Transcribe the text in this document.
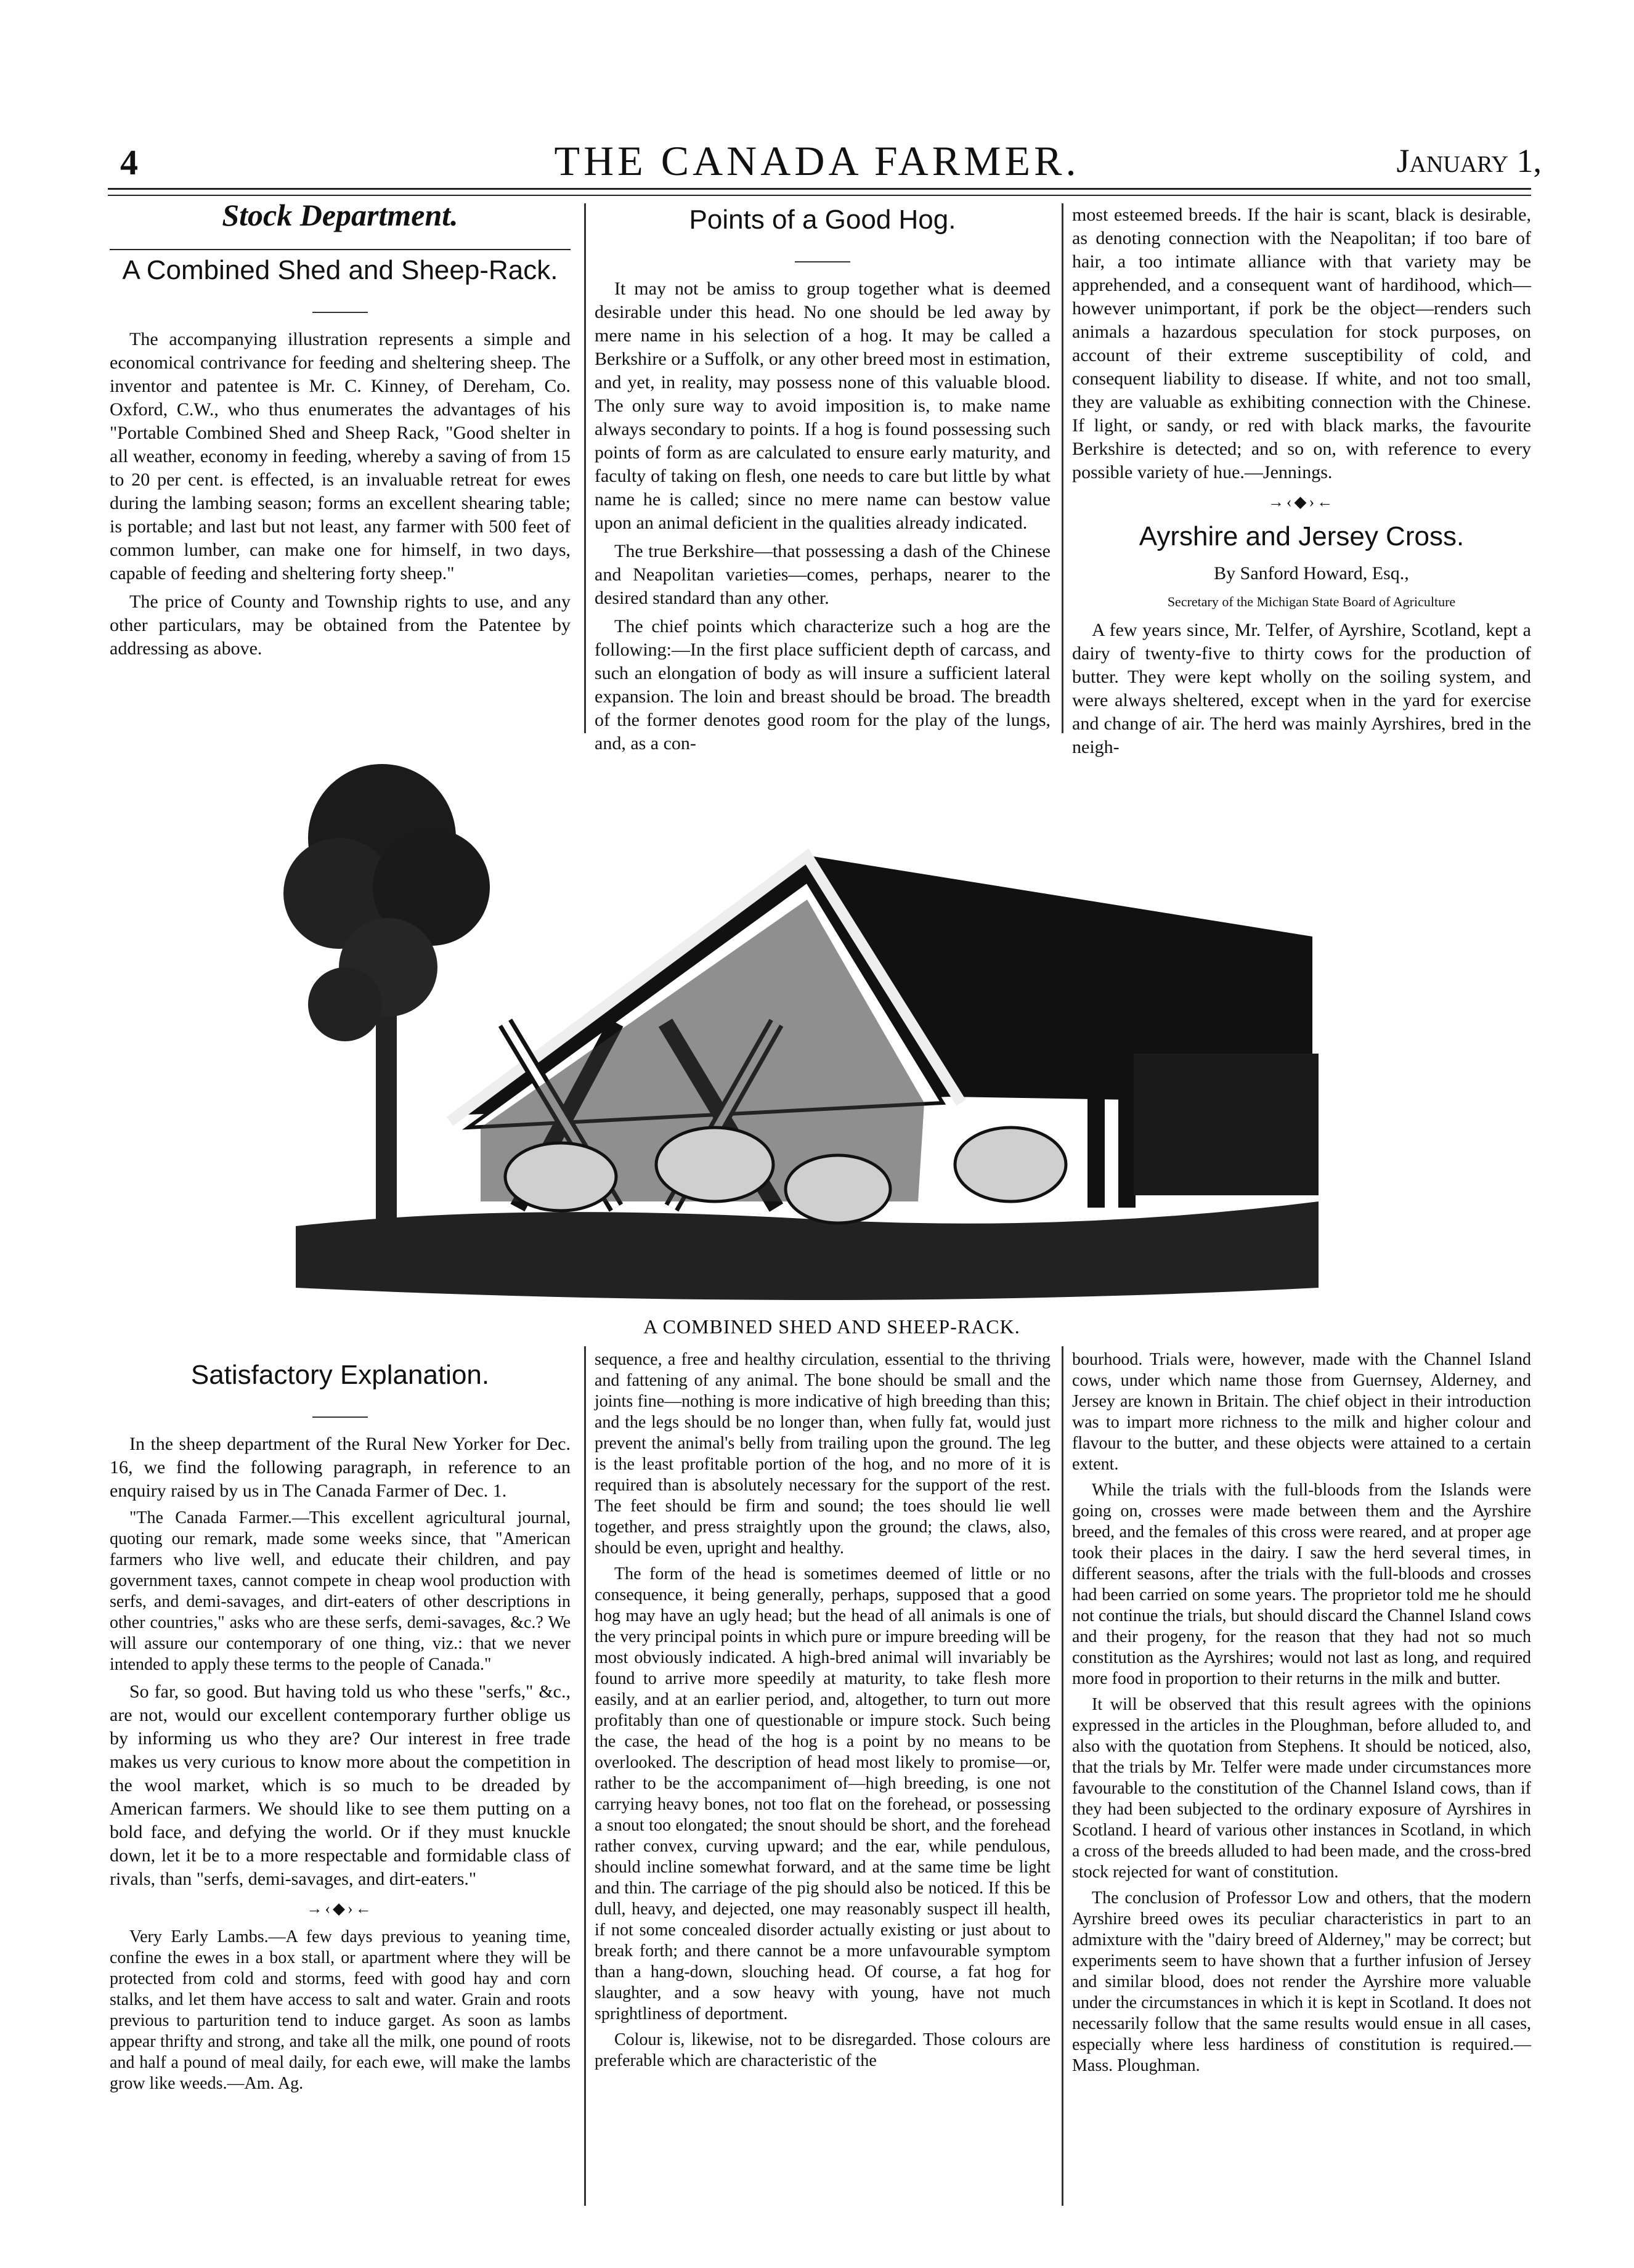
4	THE CANADA FARMER.	January 1,
Stock Department.
A Combined Shed and Sheep-Rack.

The accompanying illustration represents a simple and economical contrivance for feeding and sheltering sheep. The inventor and patentee is Mr. C. Kinney, of Dereham, Co. Oxford, C.W., who thus enumerates the advantages of his "Portable Combined Shed and Sheep Rack, "Good shelter in all weather, economy in feeding, whereby a saving of from 15 to 20 per cent. is effected, is an invaluable retreat for ewes during the lambing season; forms an excellent shearing table; is portable; and last but not least, any farmer with 500 feet of common lumber, can make one for himself, in two days, capable of feeding and sheltering forty sheep."

The price of County and Township rights to use, and any other particulars, may be obtained from the Patentee by addressing as above.

Points of a Good Hog.

It may not be amiss to group together what is deemed desirable under this head. No one should be led away by mere name in his selection of a hog. It may be called a Berkshire or a Suffolk, or any other breed most in estimation, and yet, in reality, may possess none of this valuable blood. The only sure way to avoid imposition is, to make name always secondary to points. If a hog is found possessing such points of form as are calculated to ensure early maturity, and faculty of taking on flesh, one needs to care but little by what name he is called; since no mere name can bestow value upon an animal deficient in the qualities already indicated.

The true Berkshire—that possessing a dash of the Chinese and Neapolitan varieties—comes, perhaps, nearer to the desired standard than any other.

The chief points which characterize such a hog are the following:—In the first place sufficient depth of carcass, and such an elongation of body as will insure a sufficient lateral expansion. The loin and breast should be broad. The breadth of the former denotes good room for the play of the lungs, and, as a con-

most esteemed breeds. If the hair is scant, black is desirable, as denoting connection with the Neapolitan; if too bare of hair, a too intimate alliance with that variety may be apprehended, and a consequent want of hardihood, which—however unimportant, if pork be the object—renders such animals a hazardous speculation for stock purposes, on account of their extreme susceptibility of cold, and consequent liability to disease. If white, and not too small, they are valuable as exhibiting connection with the Chinese. If light, or sandy, or red with black marks, the favourite Berkshire is detected; and so on, with reference to every possible variety of hue.—Jennings.

→‹◆›←
Ayrshire and Jersey Cross.

By Sanford Howard, Esq.,

Secretary of the Michigan State Board of Agriculture

A few years since, Mr. Telfer, of Ayrshire, Scotland, kept a dairy of twenty-five to thirty cows for the production of butter. They were kept wholly on the soiling system, and were always sheltered, except when in the yard for exercise and change of air. The herd was mainly Ayrshires, bred in the neigh-

A COMBINED SHED AND SHEEP-RACK.
Satisfactory Explanation.

In the sheep department of the Rural New Yorker for Dec. 16, we find the following paragraph, in reference to an enquiry raised by us in The Canada Farmer of Dec. 1.

"The Canada Farmer.—This excellent agricultural journal, quoting our remark, made some weeks since, that "American farmers who live well, and educate their children, and pay government taxes, cannot compete in cheap wool production with serfs, and demi-savages, and dirt-eaters of other descriptions in other countries," asks who are these serfs, demi-savages, &c.? We will assure our contemporary of one thing, viz.: that we never intended to apply these terms to the people of Canada."

So far, so good. But having told us who these "serfs," &c., are not, would our excellent contemporary further oblige us by informing us who they are? Our interest in free trade makes us very curious to know more about the competition in the wool market, which is so much to be dreaded by American farmers. We should like to see them putting on a bold face, and defying the world. Or if they must knuckle down, let it be to a more respectable and formidable class of rivals, than "serfs, demi-savages, and dirt-eaters."

→‹◆›←

Very Early Lambs.—A few days previous to yeaning time, confine the ewes in a box stall, or apartment where they will be protected from cold and storms, feed with good hay and corn stalks, and let them have access to salt and water. Grain and roots previous to parturition tend to induce garget. As soon as lambs appear thrifty and strong, and take all the milk, one pound of roots and half a pound of meal daily, for each ewe, will make the lambs grow like weeds.—Am. Ag.

sequence, a free and healthy circulation, essential to the thriving and fattening of any animal. The bone should be small and the joints fine—nothing is more indicative of high breeding than this; and the legs should be no longer than, when fully fat, would just prevent the animal's belly from trailing upon the ground. The leg is the least profitable portion of the hog, and no more of it is required than is absolutely necessary for the support of the rest. The feet should be firm and sound; the toes should lie well together, and press straightly upon the ground; the claws, also, should be even, upright and healthy.

The form of the head is sometimes deemed of little or no consequence, it being generally, perhaps, supposed that a good hog may have an ugly head; but the head of all animals is one of the very principal points in which pure or impure breeding will be most obviously indicated. A high-bred animal will invariably be found to arrive more speedily at maturity, to take flesh more easily, and at an earlier period, and, altogether, to turn out more profitably than one of questionable or impure stock. Such being the case, the head of the hog is a point by no means to be overlooked. The description of head most likely to promise—or, rather to be the accompaniment of—high breeding, is one not carrying heavy bones, not too flat on the forehead, or possessing a snout too elongated; the snout should be short, and the forehead rather convex, curving upward; and the ear, while pendulous, should incline somewhat forward, and at the same time be light and thin. The carriage of the pig should also be noticed. If this be dull, heavy, and dejected, one may reasonably suspect ill health, if not some concealed disorder actually existing or just about to break forth; and there cannot be a more unfavourable symptom than a hang-down, slouching head. Of course, a fat hog for slaughter, and a sow heavy with young, have not much sprightliness of deportment.

Colour is, likewise, not to be disregarded. Those colours are preferable which are characteristic of the

bourhood. Trials were, however, made with the Channel Island cows, under which name those from Guernsey, Alderney, and Jersey are known in Britain. The chief object in their introduction was to impart more richness to the milk and higher colour and flavour to the butter, and these objects were attained to a certain extent.

While the trials with the full-bloods from the Islands were going on, crosses were made between them and the Ayrshire breed, and the females of this cross were reared, and at proper age took their places in the dairy. I saw the herd several times, in different seasons, after the trials with the full-bloods and crosses had been carried on some years. The proprietor told me he should not continue the trials, but should discard the Channel Island cows and their progeny, for the reason that they had not so much constitution as the Ayrshires; would not last as long, and required more food in proportion to their returns in the milk and butter.

It will be observed that this result agrees with the opinions expressed in the articles in the Ploughman, before alluded to, and also with the quotation from Stephens. It should be noticed, also, that the trials by Mr. Telfer were made under circumstances more favourable to the constitution of the Channel Island cows, than if they had been subjected to the ordinary exposure of Ayrshires in Scotland. I heard of various other instances in Scotland, in which a cross of the breeds alluded to had been made, and the cross-bred stock rejected for want of constitution.

The conclusion of Professor Low and others, that the modern Ayrshire breed owes its peculiar characteristics in part to an admixture with the "dairy breed of Alderney," may be correct; but experiments seem to have shown that a further infusion of Jersey and similar blood, does not render the Ayrshire more valuable under the circumstances in which it is kept in Scotland. It does not necessarily follow that the same results would ensue in all cases, especially where less hardiness of constitution is required.—Mass. Ploughman.
